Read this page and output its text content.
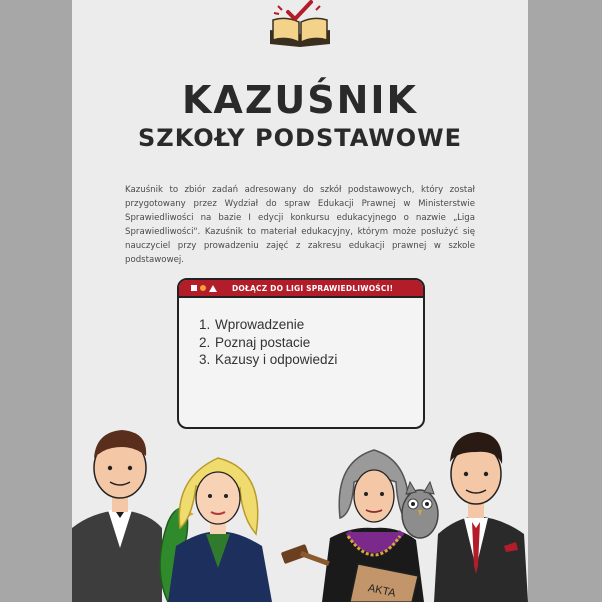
KAZUŚNIK
SZKOŁY PODSTAWOWE

Kazuśnik to zbiór zadań adresowany do szkół podstawowych, który został przygotowany przez Wydział do spraw Edukacji Prawnej w Ministerstwie Sprawiedliwości na bazie I edycji konkursu edukacyjnego o nazwie „Liga Sprawiedliwości". Kazuśnik to materiał edukacyjny, którym może posłużyć się nauczyciel przy prowadzeniu zajęć z zakresu edukacji prawnej w szkole podstawowej.

DOŁĄCZ DO LIGI SPRAWIEDLIWOŚCI!
1. Wprowadzenie
2. Poznaj postacie
3. Kazusy i odpowiedzi
AKTA
